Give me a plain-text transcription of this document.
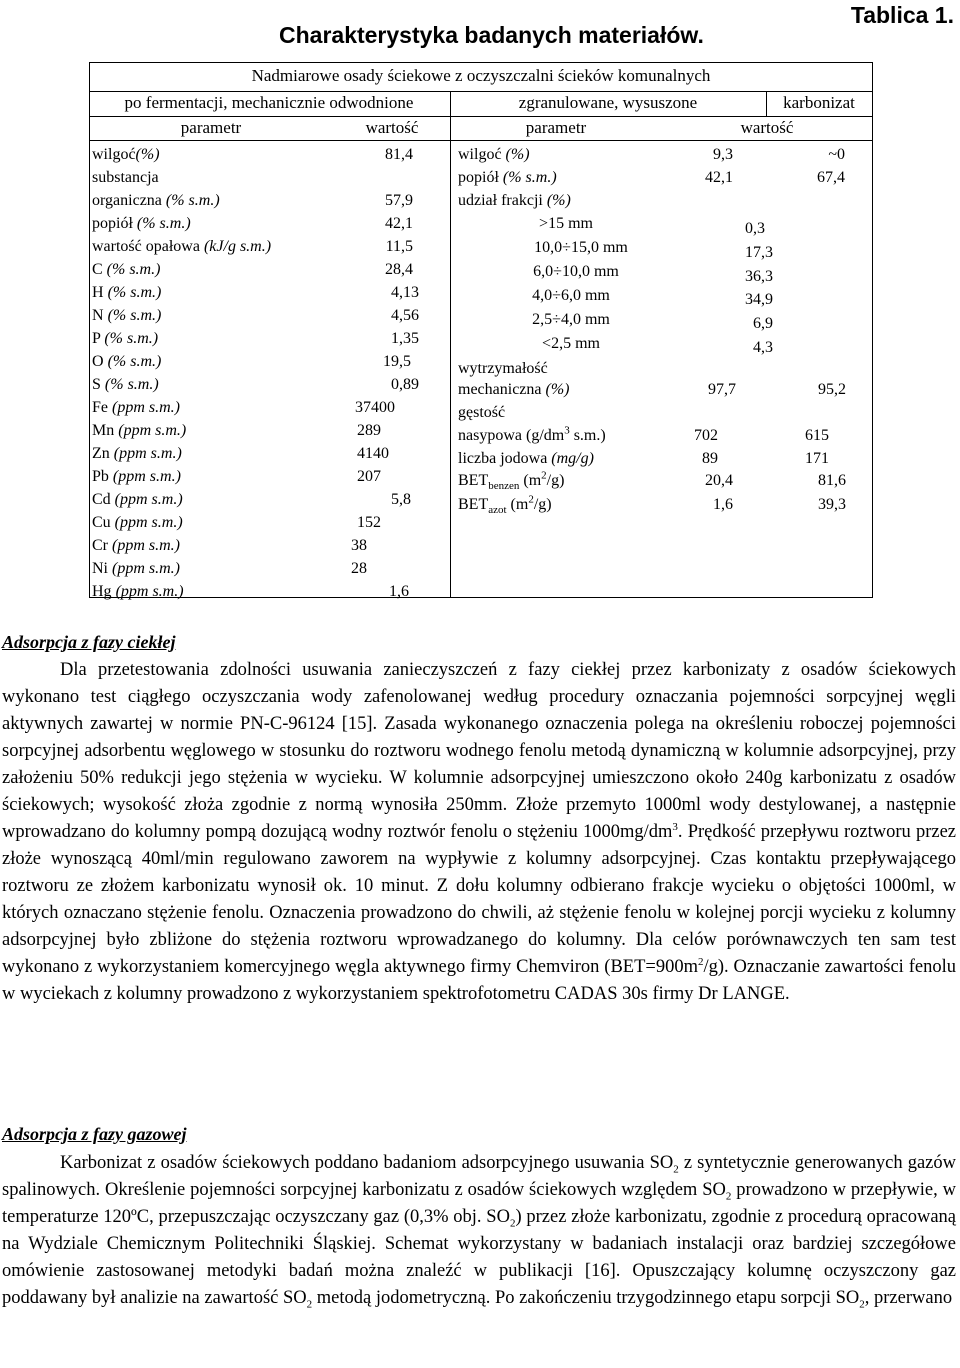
Charakterystyka badanych materiałów.
Tablica 1.
Nadmiarowe osady ściekowe z oczyszczalni ścieków komunalnych
po fermentacji, mechanicznie odwodnione	zgranulowane, wysuszone	karbonizat
parametr	wartość	parametr	wartość
wilgoć(%)	81,4
substancja
organiczna (% s.m.)	57,9
popiół (% s.m.)	42,1
wartość opałowa (kJ/g s.m.)	11,5
C (% s.m.)	28,4
H (% s.m.)	4,13
N (% s.m.)	4,56
P (% s.m.)	1,35
O (% s.m.)	19,5
S (% s.m.)	0,89
Fe (ppm s.m.)	37400
Mn (ppm s.m.)	289
Zn (ppm s.m.)	4140
Pb (ppm s.m.)	207
Cd (ppm s.m.)	5,8
Cu (ppm s.m.)	152
Cr (ppm s.m.)	38
Ni (ppm s.m.)	28
Hg (ppm s.m.)	1,6
wilgoć (%)	9,3	~0
popiół (% s.m.)	42,1	67,4
udział frakcji (%)
>15 mm	0,3
10,0÷15,0 mm	17,3
6,0÷10,0 mm	36,3
4,0÷6,0 mm	34,9
2,5÷4,0 mm	6,9
<2,5 mm	4,3
wytrzymałość
mechaniczna (%)	97,7	95,2
gęstość
nasypowa ($g/dm^3$ s.m.)	702	615
liczba jodowa (mg/g)	89	171
$BET_{benzen}$ $(m^2/g)$	20,4	81,6
$BET_{azot}$ $(m^2/g)$	1,6	39,3
Adsorpcja z fazy ciekłej

Dla przetestowania zdolności usuwania zanieczyszczeń z fazy ciekłej przez karbonizaty z osadów ściekowych wykonano test ciągłego oczyszczania wody zafenolowanej według procedury oznaczania pojemności sorpcyjnej węgli aktywnych zawartej w normie PN-C-96124 [15]. Zasada wykonanego oznaczenia polega na określeniu roboczej pojemności sorpcyjnej adsorbentu węglowego w stosunku do roztworu wodnego fenolu metodą dynamiczną w kolumnie adsorpcyjnej, przy założeniu 50% redukcji jego stężenia w wycieku. W kolumnie adsorpcyjnej umieszczono około 240g karbonizatu z osadów ściekowych; wysokość złoża zgodnie z normą wynosiła 250mm. Złoże przemyto 1000ml wody destylowanej, a następnie wprowadzano do kolumny pompą dozującą wodny roztwór fenolu o stężeniu $1000mg/dm^3$. Prędkość przepływu roztworu przez złoże wynoszącą 40ml/min regulowano zaworem na wypływie z kolumny adsorpcyjnej. Czas kontaktu przepływającego roztworu ze złożem karbonizatu wynosił ok. 10 minut. Z dołu kolumny odbierano frakcje wycieku o objętości 1000ml, w których oznaczano stężenie fenolu. Oznaczenia prowadzono do chwili, aż stężenie fenolu w kolejnej porcji wycieku z kolumny adsorpcyjnej było zbliżone do stężenia roztworu wprowadzanego do kolumny. Dla celów porównawczych ten sam test wykonano z wykorzystaniem komercyjnego węgla aktywnego firmy Chemviron $(BET=900m^2/g)$. Oznaczanie zawartości fenolu w wyciekach z kolumny prowadzono z wykorzystaniem spektrofotometru CADAS 30s firmy Dr LANGE.

Adsorpcja z fazy gazowej

Karbonizat z osadów ściekowych poddano badaniom adsorpcyjnego usuwania $SO_2$ z syntetycznie generowanych gazów spalinowych. Określenie pojemności sorpcyjnej karbonizatu z osadów ściekowych względem $SO_2$ prowadzono w przepływie, w temperaturze 120ºC, przepuszczając oczyszczany gaz (0,3% obj. $SO_2$) przez złoże karbonizatu, zgodnie z procedurą opracowaną na Wydziale Chemicznym Politechniki Śląskiej. Schemat wykorzystany w badaniach instalacji oraz bardziej szczegółowe omówienie zastosowanej metodyki badań można znaleźć w publikacji [16]. Opuszczający kolumnę oczyszczony gaz poddawany był analizie na zawartość $SO_2$ metodą jodometryczną. Po zakończeniu trzygodzinnego etapu sorpcji $SO_2$, przerwano
